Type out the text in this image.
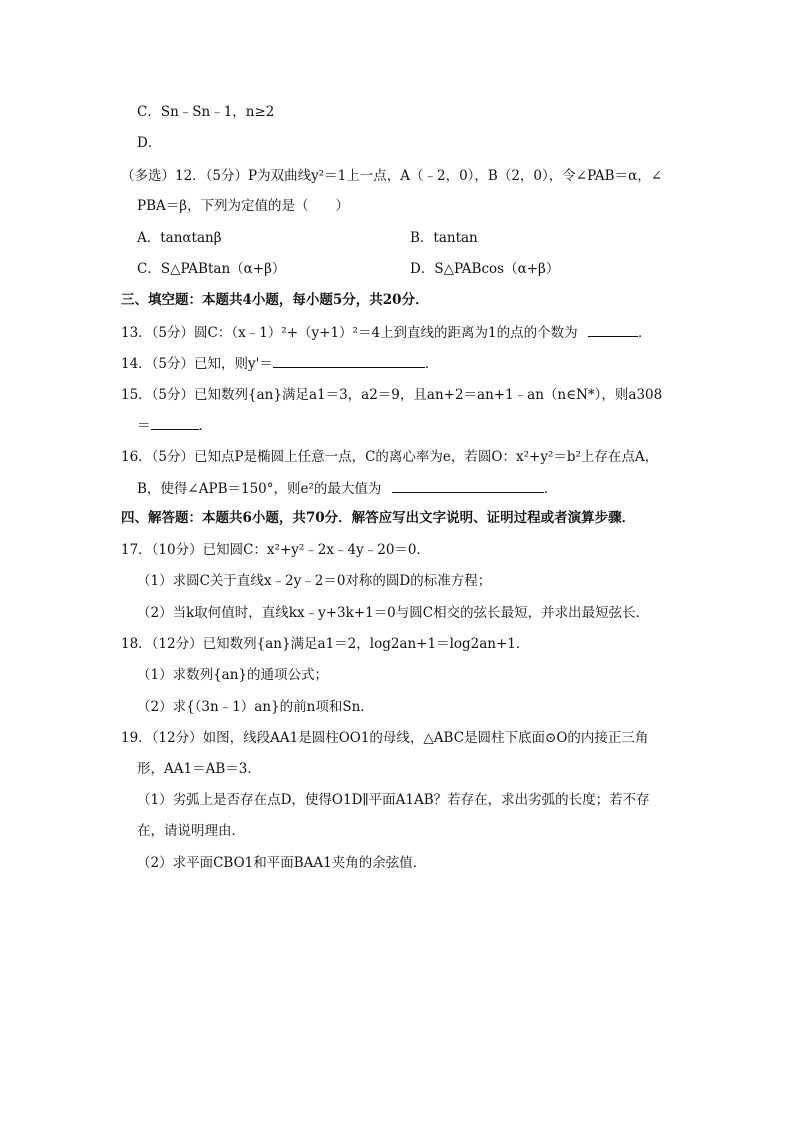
C．Sn﹣Sn﹣1，n≥2
D．
（多选）12．（5分）P为双曲线y²＝1上一点，A（﹣2，0），B（2，0），令∠PAB＝α，∠
PBA＝β，下列为定值的是（　　）
A．tanαtanβ	B．tantan
C．S△PABtan（α+β）	D．S△PABcos（α+β）
三、填空题：本题共4小题，每小题5分，共20分．
13．（5分）圆C：（x﹣1）²+（y+1）²＝4上到直线的距离为1的点的个数为	．
14．（5分）已知，则y'＝	．
15．（5分）已知数列{an}满足a1＝3，a2＝9，且an+2＝an+1﹣an（n∈N*），则a308
＝	．
16．（5分）已知点P是椭圆上任意一点，C的离心率为e，若圆O：x²+y²＝b²上存在点A，
B，使得∠APB＝150°，则e²的最大值为	．
四、解答题：本题共6小题，共70分．解答应写出文字说明、证明过程或者演算步骤．
17．（10分）已知圆C：x²+y²﹣2x﹣4y﹣20＝0．
（1）求圆C关于直线x﹣2y﹣2＝0对称的圆D的标准方程；
（2）当k取何值时，直线kx﹣y+3k+1＝0与圆C相交的弦长最短，并求出最短弦长．
18．（12分）已知数列{an}满足a1＝2，log2an+1＝log2an+1．
（1）求数列{an}的通项公式；
（2）求{（3n﹣1）an}的前n项和Sn．
19．（12分）如图，线段AA1是圆柱OO1的母线，△ABC是圆柱下底面⊙O的内接正三角
形，AA1＝AB＝3．
（1）劣弧上是否存在点D，使得O1D∥平面A1AB？若存在，求出劣弧的长度；若不存
在，请说明理由．
（2）求平面CBO1和平面BAA1夹角的余弦值．
